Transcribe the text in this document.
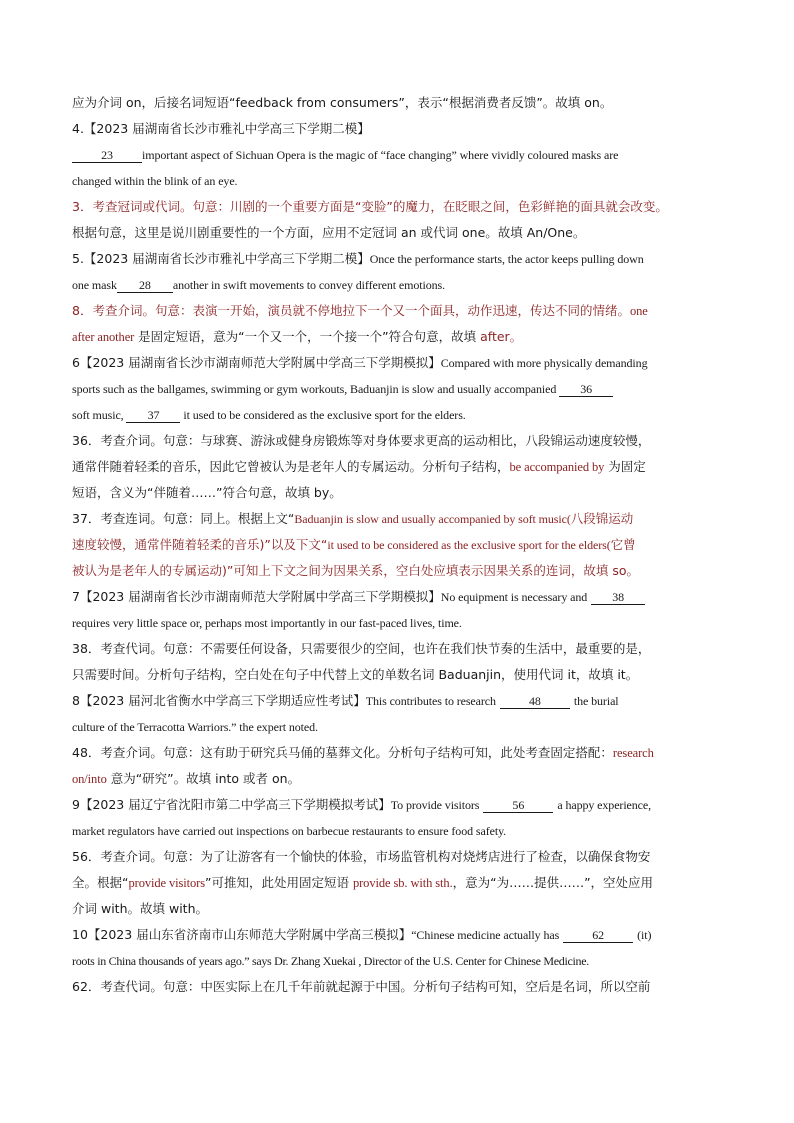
应为介词 on，后接名词短语“feedback from consumers”，表示“根据消费者反馈”。故填 on。
4.【2023 届湖南省长沙市雅礼中学高三下学期二模】
23 important aspect of Sichuan Opera is the magic of “face changing” where vividly coloured masks are
changed within the blink of an eye.
3．考查冠词或代词。句意：川剧的一个重要方面是“变脸”的魔力，在眨眼之间，色彩鲜艳的面具就会改变。
根据句意，这里是说川剧重要性的一个方面，应用不定冠词 an 或代词 one。故填 An/One。
5.【2023 届湖南省长沙市雅礼中学高三下学期二模】Once the performance starts, the actor keeps pulling down
one mask 28 another in swift movements to convey different emotions.
8．考查介词。句意：表演一开始，演员就不停地拉下一个又一个面具，动作迅速，传达不同的情绪。one
after another 是固定短语，意为“一个又一个，一个接一个”符合句意，故填 after。
6【2023 届湖南省长沙市湖南师范大学附属中学高三下学期模拟】Compared with more physically demanding
sports such as the ballgames, swimming or gym workouts, Baduanjin is slow and usually accompanied 36
soft music, 37 it used to be considered as the exclusive sport for the elders.
36．考查介词。句意：与球赛、游泳或健身房锻炼等对身体要求更高的运动相比，八段锦运动速度较慢，
通常伴随着轻柔的音乐，因此它曾被认为是老年人的专属运动。分析句子结构，be accompanied by 为固定
短语，含义为“伴随着……”符合句意，故填 by。
37．考查连词。句意：同上。根据上文“Baduanjin is slow and usually accompanied by soft music(八段锦运动
速度较慢，通常伴随着轻柔的音乐)”以及下文“it used to be considered as the exclusive sport for the elders(它曾
被认为是老年人的专属运动)”可知上下文之间为因果关系，空白处应填表示因果关系的连词，故填 so。
7【2023 届湖南省长沙市湖南师范大学附属中学高三下学期模拟】No equipment is necessary and 38
requires very little space or, perhaps most importantly in our fast-paced lives, time.
38．考查代词。句意：不需要任何设备，只需要很少的空间，也许在我们快节奏的生活中，最重要的是，
只需要时间。分析句子结构，空白处在句子中代替上文的单数名词 Baduanjin，使用代词 it，故填 it。
8【2023 届河北省衡水中学高三下学期适应性考试】This contributes to research	48	the burial
culture of the Terracotta Warriors.” the expert noted.
48．考查介词。句意：这有助于研究兵马俑的墓葬文化。分析句子结构可知，此处考查固定搭配：research
on/into 意为“研究”。故填 into 或者 on。
9【2023 届辽宁省沈阳市第二中学高三下学期模拟考试】To provide visitors	56	a happy experience,
market regulators have carried out inspections on barbecue restaurants to ensure food safety.
56．考查介词。句意：为了让游客有一个愉快的体验，市场监管机构对烧烤店进行了检查，以确保食物安
全。根据“provide visitors”可推知，此处用固定短语 provide sb. with sth.，意为“为……提供……”，空处应用
介词 with。故填 with。
10【2023 届山东省济南市山东师范大学附属中学高三模拟】“Chinese medicine actually has	62	(it)
roots in China thousands of years ago.” says Dr. Zhang Xuekai , Director of the U.S. Center for Chinese Medicine.
62．考查代词。句意：中医实际上在几千年前就起源于中国。分析句子结构可知，空后是名词，所以空前
